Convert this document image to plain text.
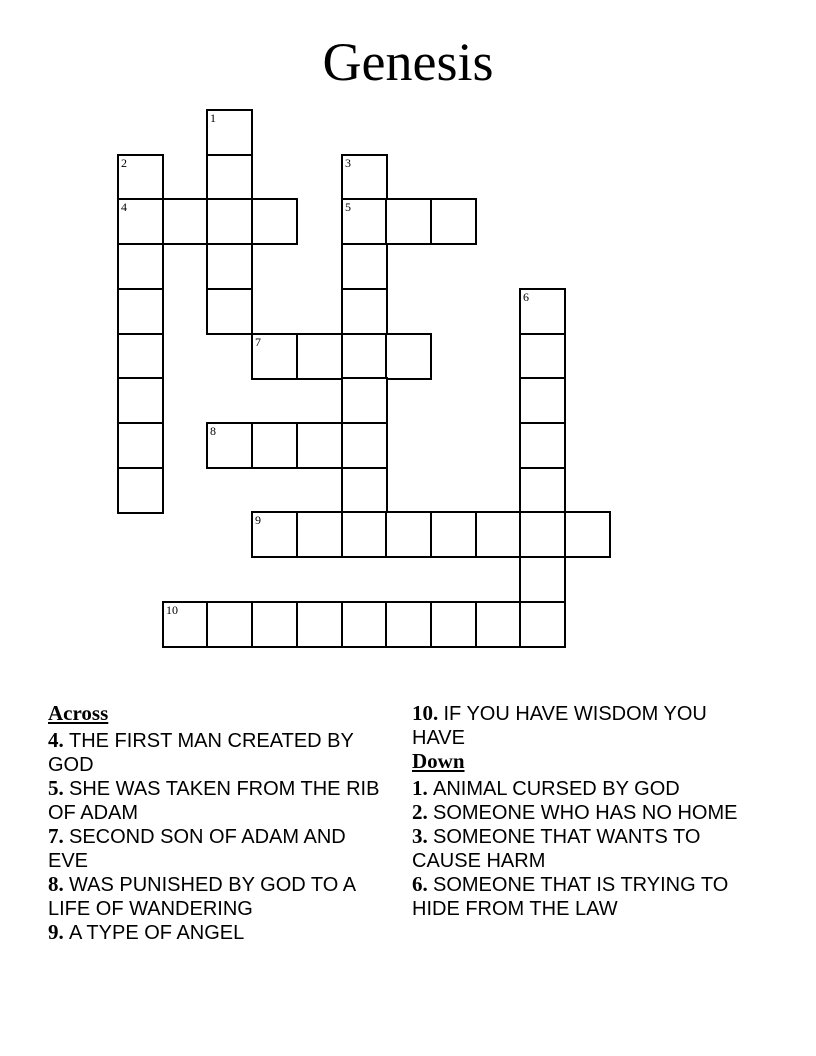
Genesis
1
2	3
4	5
6
7
8
9
10
Across
4. THE FIRST MAN CREATED BY GOD
5. SHE WAS TAKEN FROM THE RIB OF ADAM
7. SECOND SON OF ADAM AND EVE
8. WAS PUNISHED BY GOD TO A LIFE OF WANDERING
9. A TYPE OF ANGEL
10. IF YOU HAVE WISDOM YOU HAVE
Down
1. ANIMAL CURSED BY GOD
2. SOMEONE WHO HAS NO HOME
3. SOMEONE THAT WANTS TO CAUSE HARM
6. SOMEONE THAT IS TRYING TO HIDE FROM THE LAW
